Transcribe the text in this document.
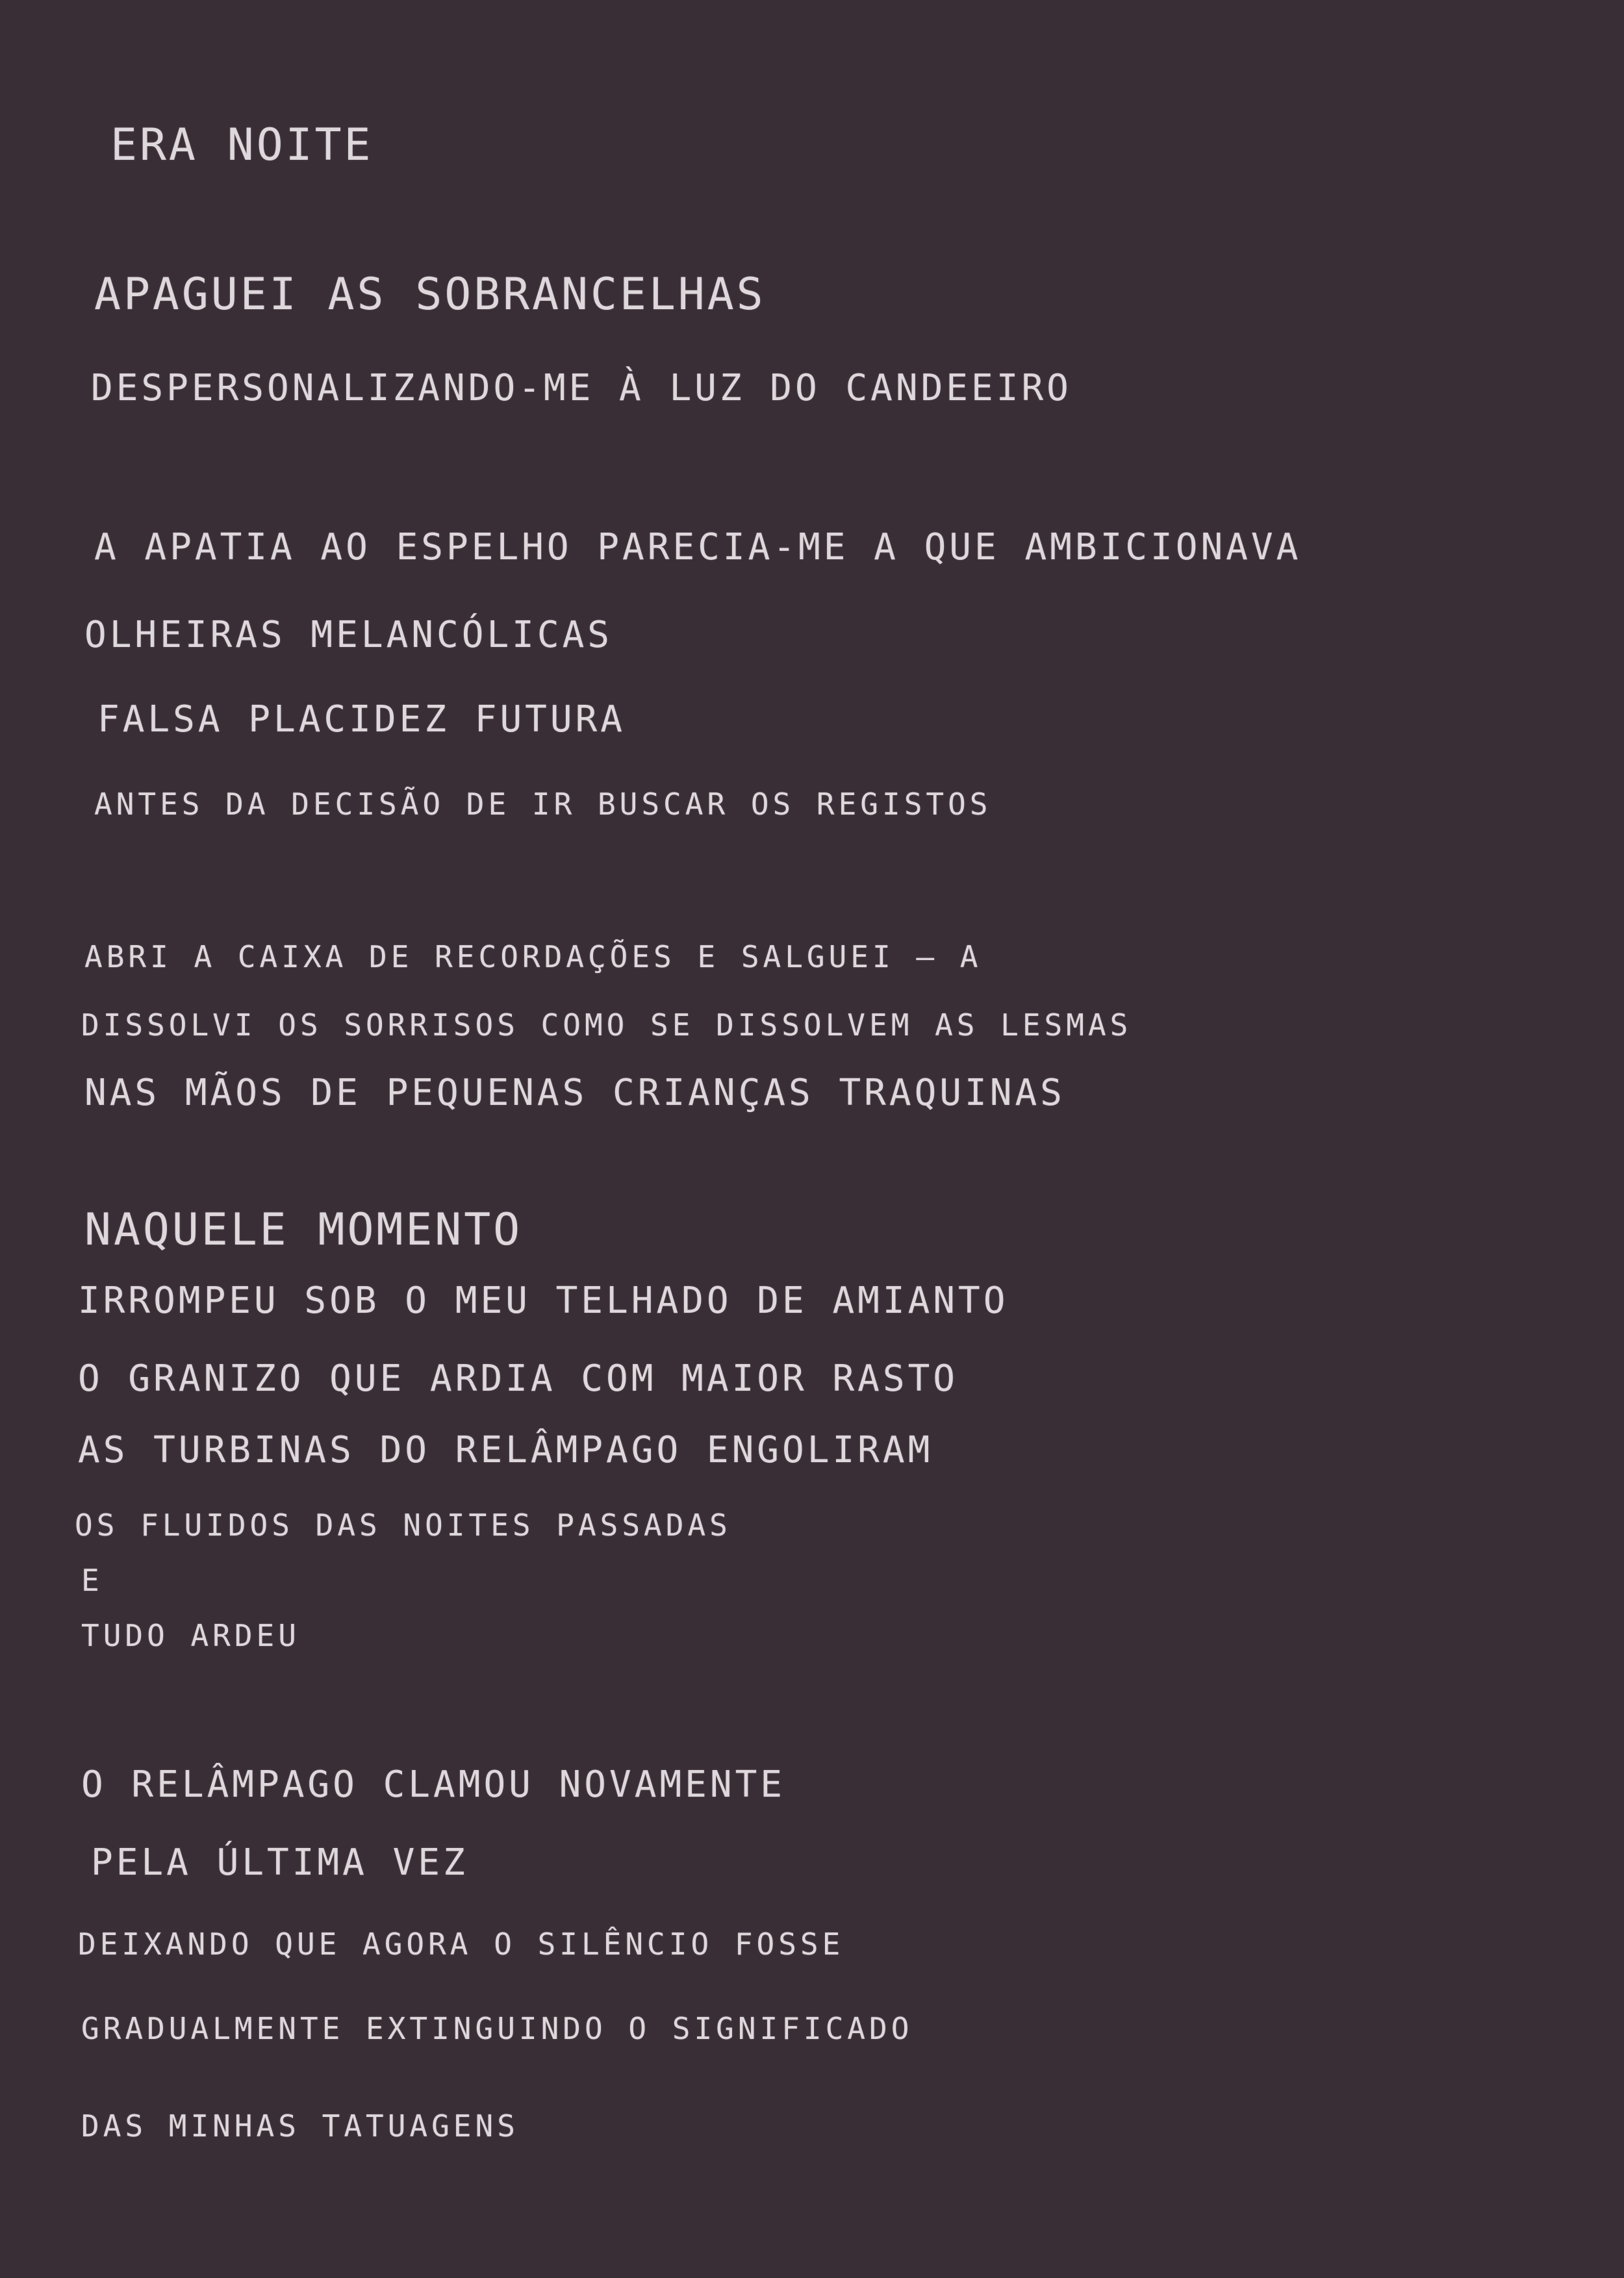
ERA NOITE
APAGUEI AS SOBRANCELHAS
DESPERSONALIZANDO-ME À LUZ DO CANDEEIRO
A APATIA AO ESPELHO PARECIA-ME A QUE AMBICIONAVA
OLHEIRAS MELANCÓLICAS
FALSA PLACIDEZ FUTURA
ANTES DA DECISÃO DE IR BUSCAR OS REGISTOS
ABRI A CAIXA DE RECORDAÇÕES E SALGUEI – A
DISSOLVI OS SORRISOS COMO SE DISSOLVEM AS LESMAS
NAS MÃOS DE PEQUENAS CRIANÇAS TRAQUINAS
NAQUELE MOMENTO
IRROMPEU SOB O MEU TELHADO DE AMIANTO
O GRANIZO QUE ARDIA COM MAIOR RASTO
AS TURBINAS DO RELÂMPAGO ENGOLIRAM
OS FLUIDOS DAS NOITES PASSADAS
E
TUDO ARDEU
O RELÂMPAGO CLAMOU NOVAMENTE
PELA ÚLTIMA VEZ
DEIXANDO QUE AGORA O SILÊNCIO FOSSE
GRADUALMENTE EXTINGUINDO O SIGNIFICADO
DAS MINHAS TATUAGENS
